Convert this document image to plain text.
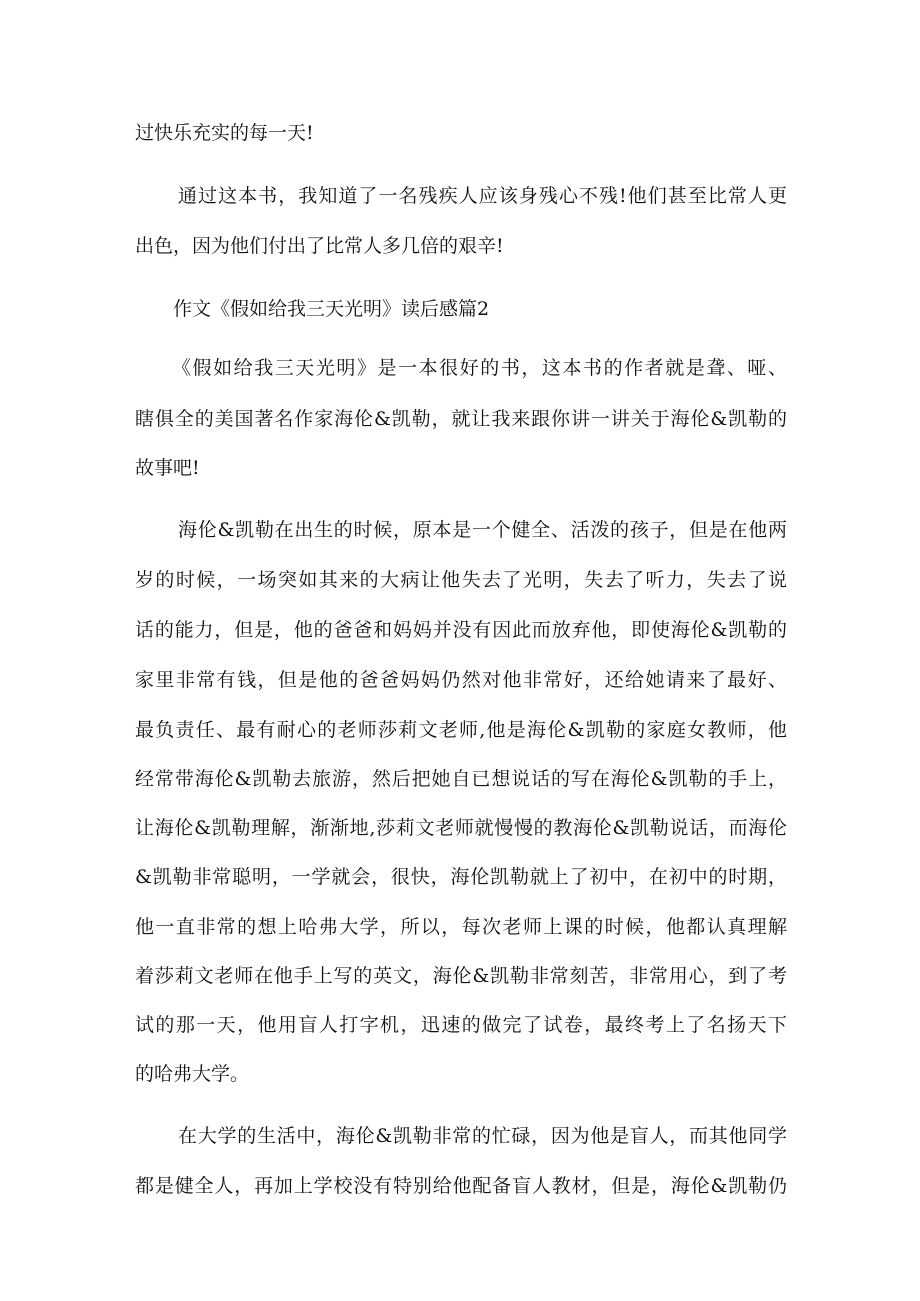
过快乐充实的每一天!

通过这本书，我知道了一名残疾人应该身残心不残!他们甚至比常人更

出色，因为他们付出了比常人多几倍的艰辛!

作文《假如给我三天光明》读后感篇2

《假如给我三天光明》是一本很好的书，这本书的作者就是聋、哑、

瞎俱全的美国著名作家海伦&凯勒，就让我来跟你讲一讲关于海伦&凯勒的

故事吧!

海伦&凯勒在出生的时候，原本是一个健全、活泼的孩子，但是在他两

岁的时候，一场突如其来的大病让他失去了光明，失去了听力，失去了说

话的能力，但是，他的爸爸和妈妈并没有因此而放弃他，即使海伦&凯勒的

家里非常有钱，但是他的爸爸妈妈仍然对他非常好，还给她请来了最好、

最负责任、最有耐心的老师莎莉文老师,他是海伦&凯勒的家庭女教师，他

经常带海伦&凯勒去旅游，然后把她自已想说话的写在海伦&凯勒的手上，

让海伦&凯勒理解，渐渐地,莎莉文老师就慢慢的教海伦&凯勒说话，而海伦

&凯勒非常聪明，一学就会，很快，海伦凯勒就上了初中，在初中的时期，

他一直非常的想上哈弗大学，所以，每次老师上课的时候，他都认真理解

着莎莉文老师在他手上写的英文，海伦&凯勒非常刻苦，非常用心，到了考

试的那一天，他用盲人打字机，迅速的做完了试卷，最终考上了名扬天下

的哈弗大学。

在大学的生活中，海伦&凯勒非常的忙碌，因为他是盲人，而其他同学

都是健全人，再加上学校没有特别给他配备盲人教材，但是，海伦&凯勒仍
